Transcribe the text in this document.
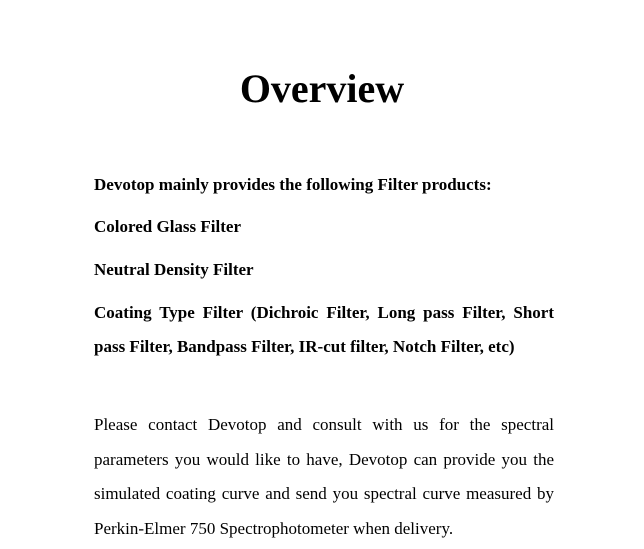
Overview

Devotop mainly provides the following Filter products:

Colored Glass Filter

Neutral Density Filter

Coating Type Filter (Dichroic Filter, Long pass Filter, Short pass Filter, Bandpass Filter, IR-cut filter, Notch Filter, etc)

Please contact Devotop and consult with us for the spectral parameters you would like to have, Devotop can provide you the simulated coating curve and send you spectral curve measured by Perkin-Elmer 750 Spectrophotometer when delivery.
